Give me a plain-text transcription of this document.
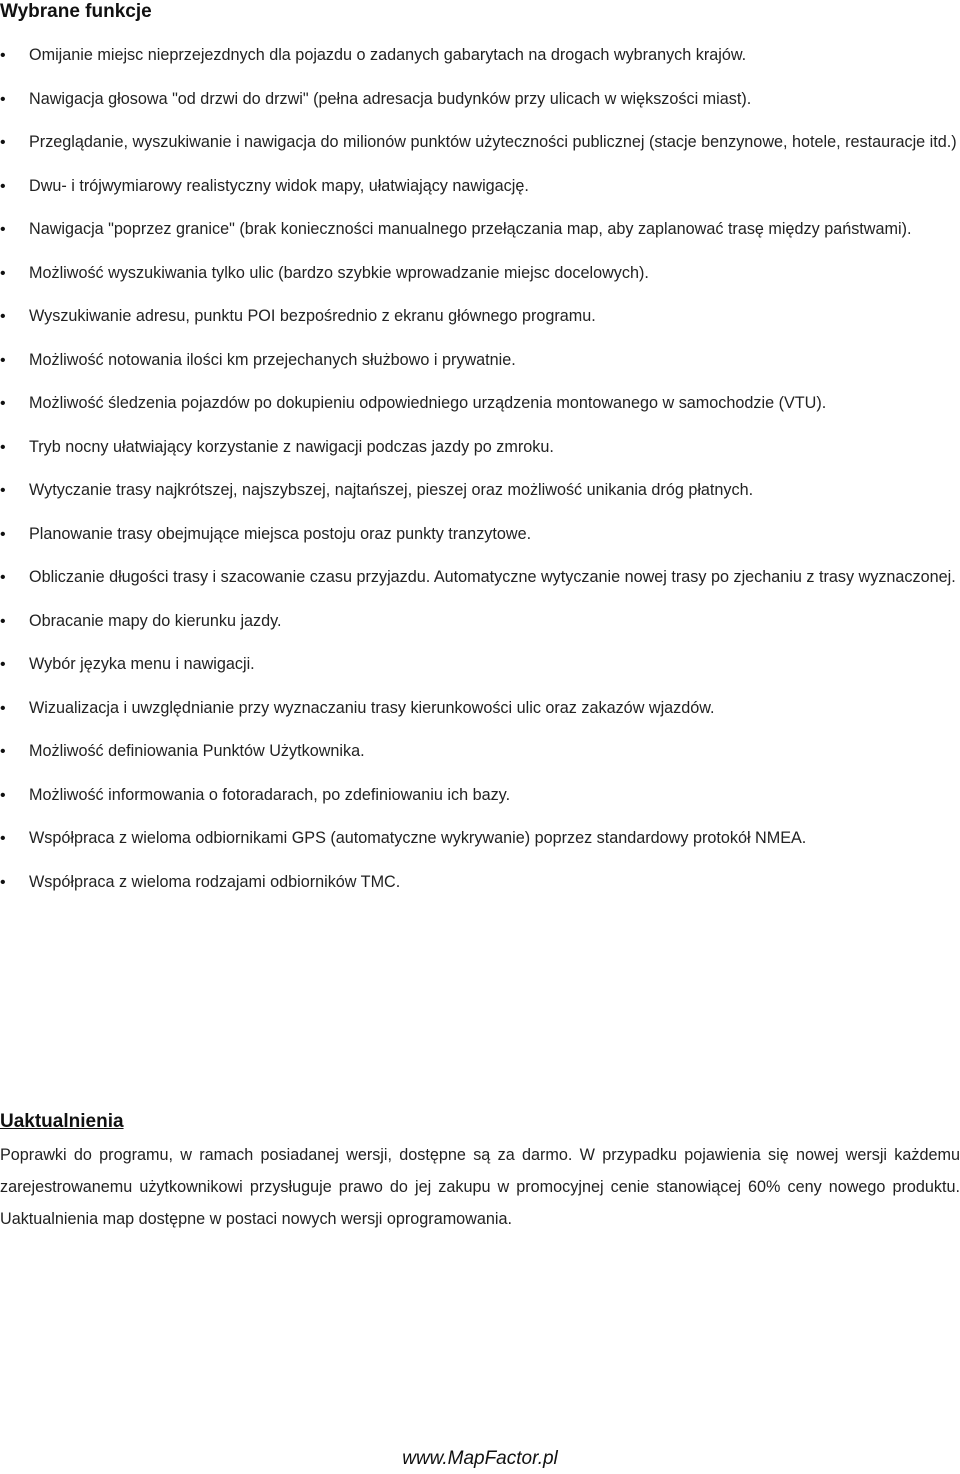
Wybrane funkcje
•	Omijanie miejsc nieprzejezdnych dla pojazdu o zadanych gabarytach na drogach wybranych krajów.
•	Nawigacja głosowa "od drzwi do drzwi" (pełna adresacja budynków przy ulicach w większości miast).
•	Przeglądanie, wyszukiwanie i nawigacja do milionów punktów użyteczności publicznej (stacje benzynowe, hotele, restauracje itd.)
•	Dwu- i trójwymiarowy realistyczny widok mapy, ułatwiający nawigację.
•	Nawigacja "poprzez granice" (brak konieczności manualnego przełączania map, aby zaplanować trasę między państwami).
•	Możliwość wyszukiwania tylko ulic (bardzo szybkie wprowadzanie miejsc docelowych).
•	Wyszukiwanie adresu, punktu POI bezpośrednio z ekranu głównego programu.
•	Możliwość notowania ilości km przejechanych służbowo i prywatnie.
•	Możliwość śledzenia pojazdów po dokupieniu odpowiedniego urządzenia montowanego w samochodzie (VTU).
•	Tryb nocny ułatwiający korzystanie z nawigacji podczas jazdy po zmroku.
•	Wytyczanie trasy najkrótszej, najszybszej, najtańszej, pieszej oraz możliwość unikania dróg płatnych.
•	Planowanie trasy obejmujące miejsca postoju oraz punkty tranzytowe.
•	Obliczanie długości trasy i szacowanie czasu przyjazdu. Automatyczne wytyczanie nowej trasy po zjechaniu z trasy wyznaczonej.
•	Obracanie mapy do kierunku jazdy.
•	Wybór języka menu i nawigacji.
•	Wizualizacja i uwzględnianie przy wyznaczaniu trasy kierunkowości ulic oraz zakazów wjazdów.
•	Możliwość definiowania Punktów Użytkownika.
•	Możliwość informowania o fotoradarach, po zdefiniowaniu ich bazy.
•	Współpraca z wieloma odbiornikami GPS (automatyczne wykrywanie) poprzez standardowy protokół NMEA.
•	Współpraca z wieloma rodzajami odbiorników TMC.
Uaktualnienia

Poprawki do programu, w ramach posiadanej wersji, dostępne są za darmo. W przypadku pojawienia się nowej wersji każdemu zarejestrowanemu użytkownikowi przysługuje prawo do jej zakupu w promocyjnej cenie stanowiącej 60% ceny nowego produktu. Uaktualnienia map dostępne w postaci nowych wersji oprogramowania.

www.MapFactor.pl
